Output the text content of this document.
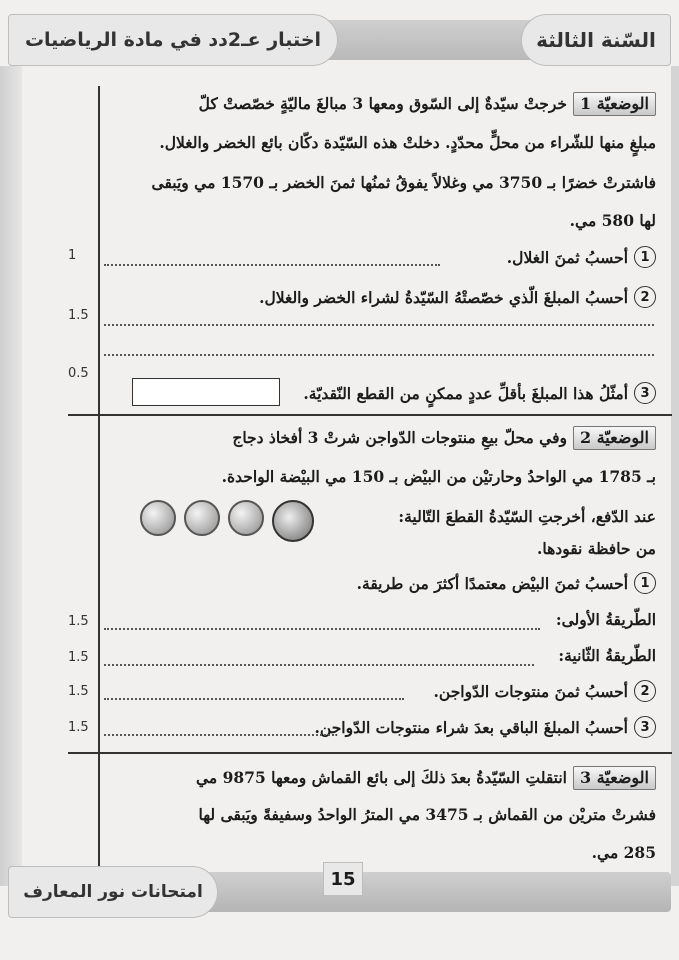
اختبار عـ2دد في مادة الرياضيات	السّنة الثالثة
الوضعيّة 1خرجتْ سيّدةٌ إلى السّوق ومعها 3 مبالغَ ماليّةٍ خصّصتْ كلّ
مبلغٍ منها للشّراء من محلٍّ محدّدٍ. دخلتْ هذه السّيّدة دكّان بائع الخضر والغلال.
فاشترتْ خضرًا بـ 3750 مي وغلالاً يفوقُ ثمنُها ثمنَ الخضر بـ 1570 مي ويَبقى
لها 580 مي.
1
أحسبُ ثمنَ الغلال.
1
2
أحسبُ المبلغَ الّذي خصّصتْهُ السّيّدةُ لشراء الخضر والغلال.
1.5
0.5
3
أمثّلُ هذا المبلغَ بأقلِّ عددٍ ممكنٍ من القطع النّقديّة.
الوضعيّة 2وفي محلّ بيعِ منتوجات الدّواجن شرتْ 3 أفخاذ دجاج
بـ 1785 مي الواحدُ وحارتيْن من البيْض بـ 150 مي البيْضة الواحدة.
عند الدّفع، أخرجتِ السّيّدةُ القطعَ التّالية:
من حافظة نقودها.
1
أحسبُ ثمنَ البيْض معتمدًا أكثرَ من طريقة.
الطّريقةُ الأولى:
1.5
الطّريقةُ الثّانية:
1.5
2
أحسبُ ثمنَ منتوجات الدّواجن.
1.5
3
أحسبُ المبلغَ الباقي بعدَ شراء منتوجات الدّواجن.
1.5
الوضعيّة 3انتقلتِ السّيّدةُ بعدَ ذلكَ إلى بائع القماش ومعها 9875 مي
فشرتْ متريْن من القماش بـ 3475 مي المترُ الواحدُ وسفيفةً ويَبقى لها
285 مي.
امتحانات نور المعارف
15
